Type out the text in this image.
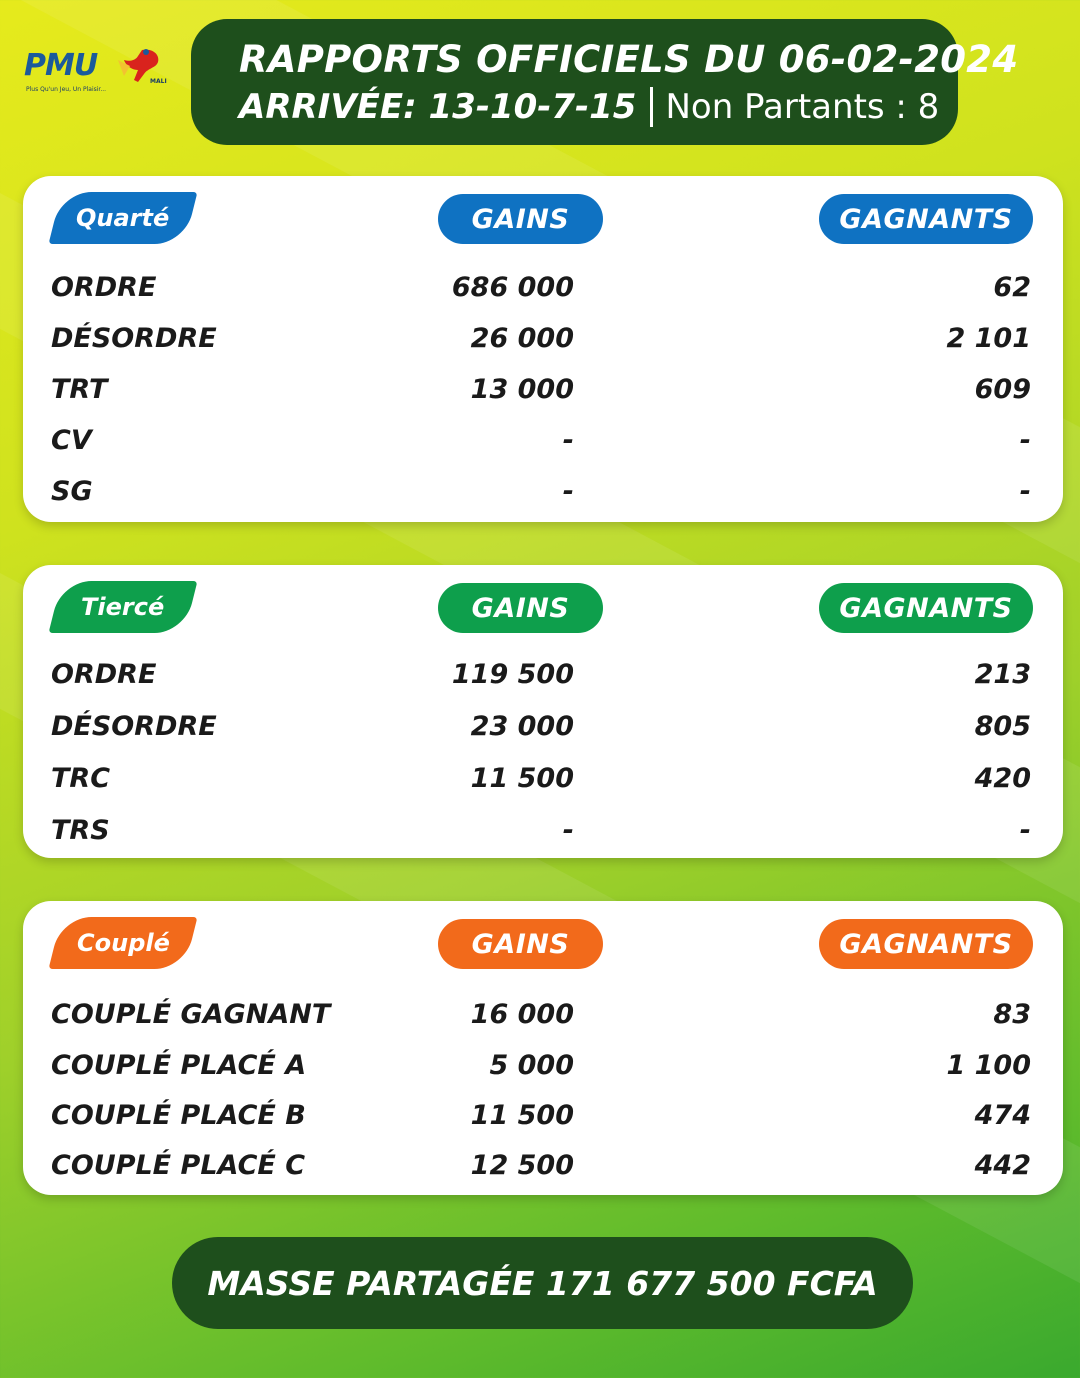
PMU
Plus Qu'un Jeu, Un Plaisir...
MALI
RAPPORTS OFFICIELS DU 06-02-2024
ARRIVÉE: 13-10-7-15 Non Partants : 8
Quarté	GAINS	GAGNANTS
ORDRE	686 000	62
DÉSORDRE	26 000	2 101
TRT	13 000	609
CV	-	-
SG	-	-
Tiercé	GAINS	GAGNANTS
ORDRE	119 500	213
DÉSORDRE	23 000	805
TRC	11 500	420
TRS	-	-
Couplé	GAINS	GAGNANTS
COUPLÉ GAGNANT	16 000	83
COUPLÉ PLACÉ A	5 000	1 100
COUPLÉ PLACÉ B	11 500	474
COUPLÉ PLACÉ C	12 500	442
MASSE PARTAGÉE 171 677 500 FCFA
